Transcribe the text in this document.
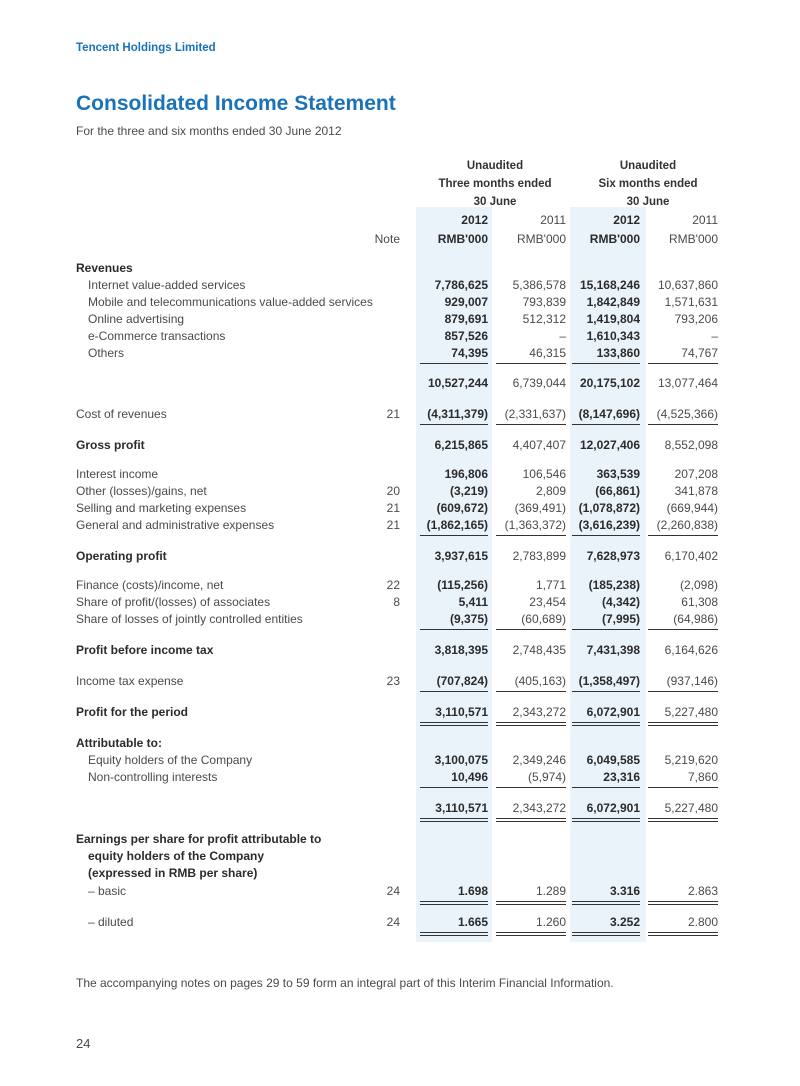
Tencent Holdings Limited
Consolidated Income Statement
For the three and six months ended 30 June 2012
Unaudited
Three months ended
30 June
Unaudited
Six months ended
30 June
2012	2011	2012	2011
Note	RMB'000	RMB'000	RMB'000	RMB'000
Revenues
Internet value-added services	7,786,625	5,386,578	15,168,246	10,637,860
Mobile and telecommunications value-added services	929,007	793,839	1,842,849	1,571,631
Online advertising	879,691	512,312	1,419,804	793,206
e-Commerce transactions	857,526	–	1,610,343	–
Others	74,395	46,315	133,860	74,767
10,527,244	6,739,044	20,175,102	13,077,464
Cost of revenues	21	(4,311,379)	(2,331,637)	(8,147,696)	(4,525,366)
Gross profit	6,215,865	4,407,407	12,027,406	8,552,098
Interest income	196,806	106,546	363,539	207,208
Other (losses)/gains, net	20	(3,219)	2,809	(66,861)	341,878
Selling and marketing expenses	21	(609,672)	(369,491)	(1,078,872)	(669,944)
General and administrative expenses	21	(1,862,165)	(1,363,372)	(3,616,239)	(2,260,838)
Operating profit	3,937,615	2,783,899	7,628,973	6,170,402
Finance (costs)/income, net	22	(115,256)	1,771	(185,238)	(2,098)
Share of profit/(losses) of associates	8	5,411	23,454	(4,342)	61,308
Share of losses of jointly controlled entities	(9,375)	(60,689)	(7,995)	(64,986)
Profit before income tax	3,818,395	2,748,435	7,431,398	6,164,626
Income tax expense	23	(707,824)	(405,163)	(1,358,497)	(937,146)
Profit for the period	3,110,571	2,343,272	6,072,901	5,227,480
Attributable to:
Equity holders of the Company	3,100,075	2,349,246	6,049,585	5,219,620
Non-controlling interests	10,496	(5,974)	23,316	7,860
3,110,571	2,343,272	6,072,901	5,227,480
Earnings per share for profit attributable to
equity holders of the Company
(expressed in RMB per share)
– basic	24	1.698	1.289	3.316	2.863
– diluted	24	1.665	1.260	3.252	2.800
The accompanying notes on pages 29 to 59 form an integral part of this Interim Financial Information.
24
